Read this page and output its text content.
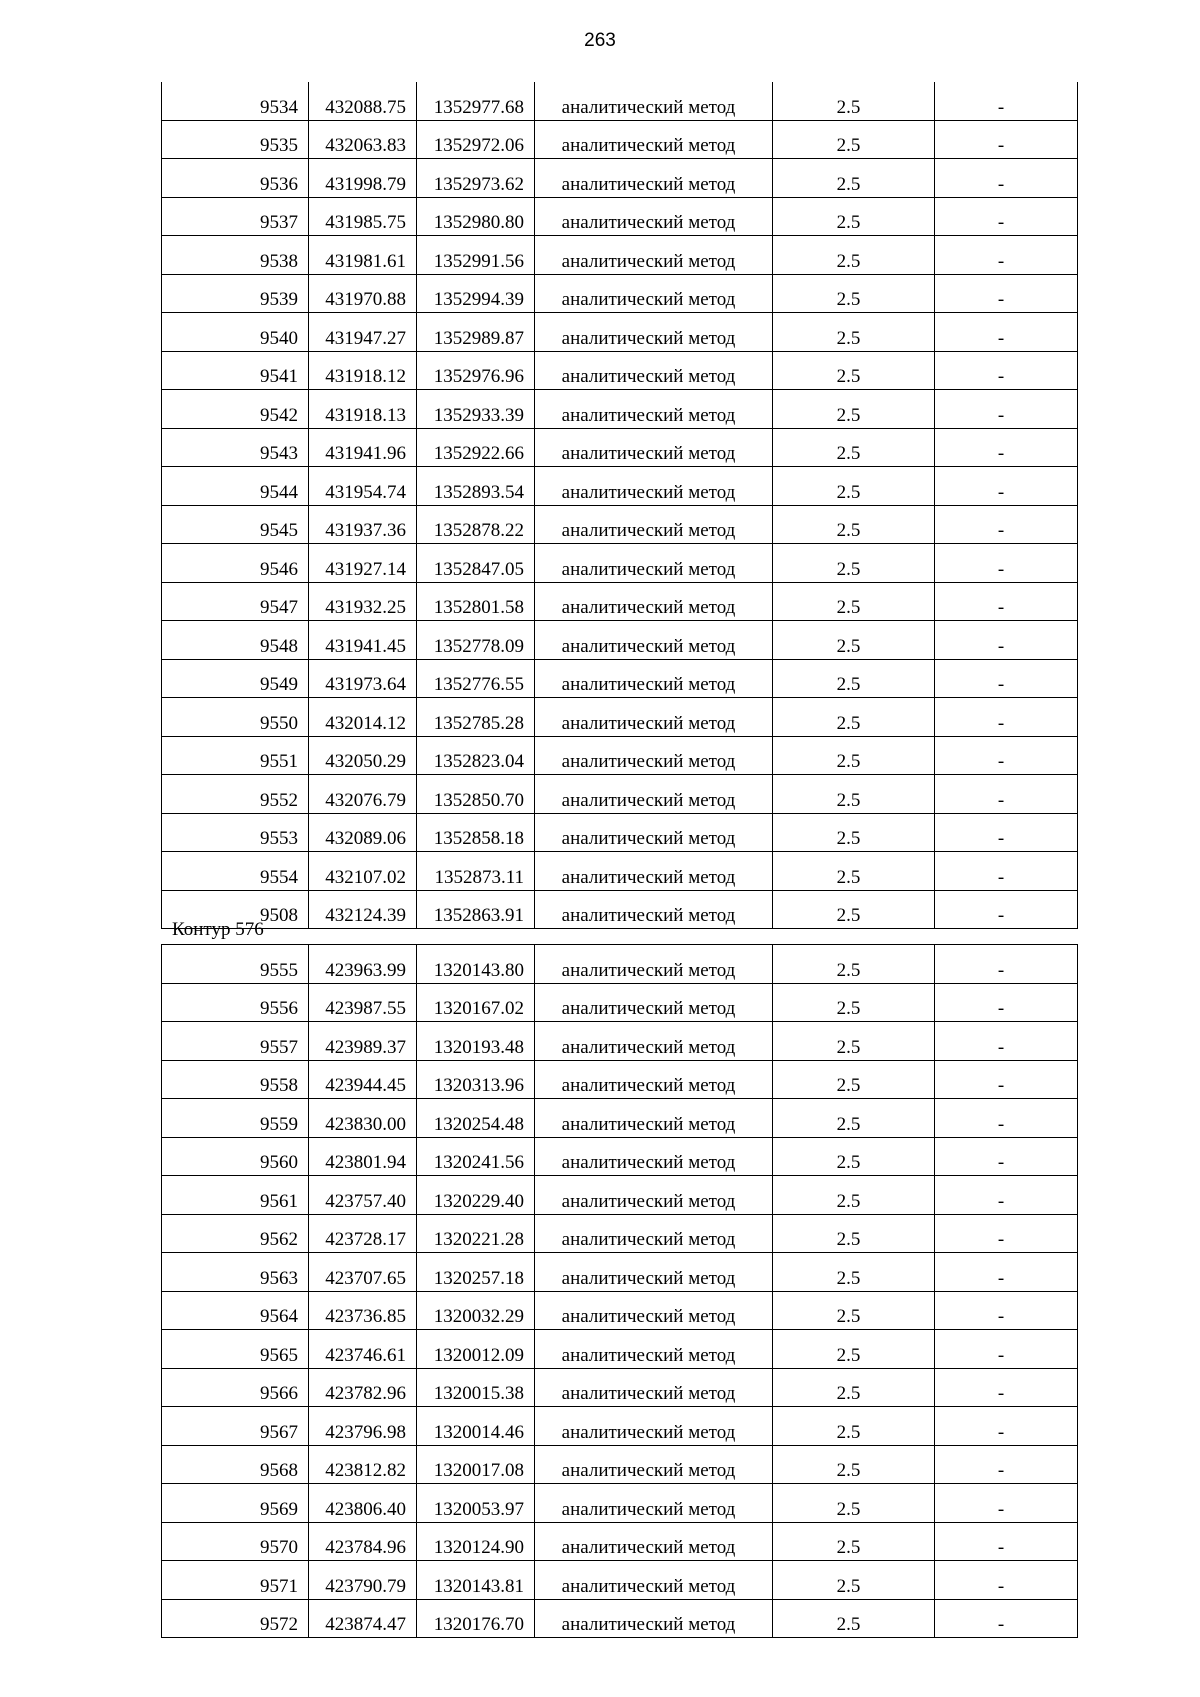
263
9534	432088.75	1352977.68	аналитический метод	2.5	-
9535	432063.83	1352972.06	аналитический метод	2.5	-
9536	431998.79	1352973.62	аналитический метод	2.5	-
9537	431985.75	1352980.80	аналитический метод	2.5	-
9538	431981.61	1352991.56	аналитический метод	2.5	-
9539	431970.88	1352994.39	аналитический метод	2.5	-
9540	431947.27	1352989.87	аналитический метод	2.5	-
9541	431918.12	1352976.96	аналитический метод	2.5	-
9542	431918.13	1352933.39	аналитический метод	2.5	-
9543	431941.96	1352922.66	аналитический метод	2.5	-
9544	431954.74	1352893.54	аналитический метод	2.5	-
9545	431937.36	1352878.22	аналитический метод	2.5	-
9546	431927.14	1352847.05	аналитический метод	2.5	-
9547	431932.25	1352801.58	аналитический метод	2.5	-
9548	431941.45	1352778.09	аналитический метод	2.5	-
9549	431973.64	1352776.55	аналитический метод	2.5	-
9550	432014.12	1352785.28	аналитический метод	2.5	-
9551	432050.29	1352823.04	аналитический метод	2.5	-
9552	432076.79	1352850.70	аналитический метод	2.5	-
9553	432089.06	1352858.18	аналитический метод	2.5	-
9554	432107.02	1352873.11	аналитический метод	2.5	-
9508	432124.39	1352863.91	аналитический метод	2.5	-
Контур 576
9555	423963.99	1320143.80	аналитический метод	2.5	-
9556	423987.55	1320167.02	аналитический метод	2.5	-
9557	423989.37	1320193.48	аналитический метод	2.5	-
9558	423944.45	1320313.96	аналитический метод	2.5	-
9559	423830.00	1320254.48	аналитический метод	2.5	-
9560	423801.94	1320241.56	аналитический метод	2.5	-
9561	423757.40	1320229.40	аналитический метод	2.5	-
9562	423728.17	1320221.28	аналитический метод	2.5	-
9563	423707.65	1320257.18	аналитический метод	2.5	-
9564	423736.85	1320032.29	аналитический метод	2.5	-
9565	423746.61	1320012.09	аналитический метод	2.5	-
9566	423782.96	1320015.38	аналитический метод	2.5	-
9567	423796.98	1320014.46	аналитический метод	2.5	-
9568	423812.82	1320017.08	аналитический метод	2.5	-
9569	423806.40	1320053.97	аналитический метод	2.5	-
9570	423784.96	1320124.90	аналитический метод	2.5	-
9571	423790.79	1320143.81	аналитический метод	2.5	-
9572	423874.47	1320176.70	аналитический метод	2.5	-
